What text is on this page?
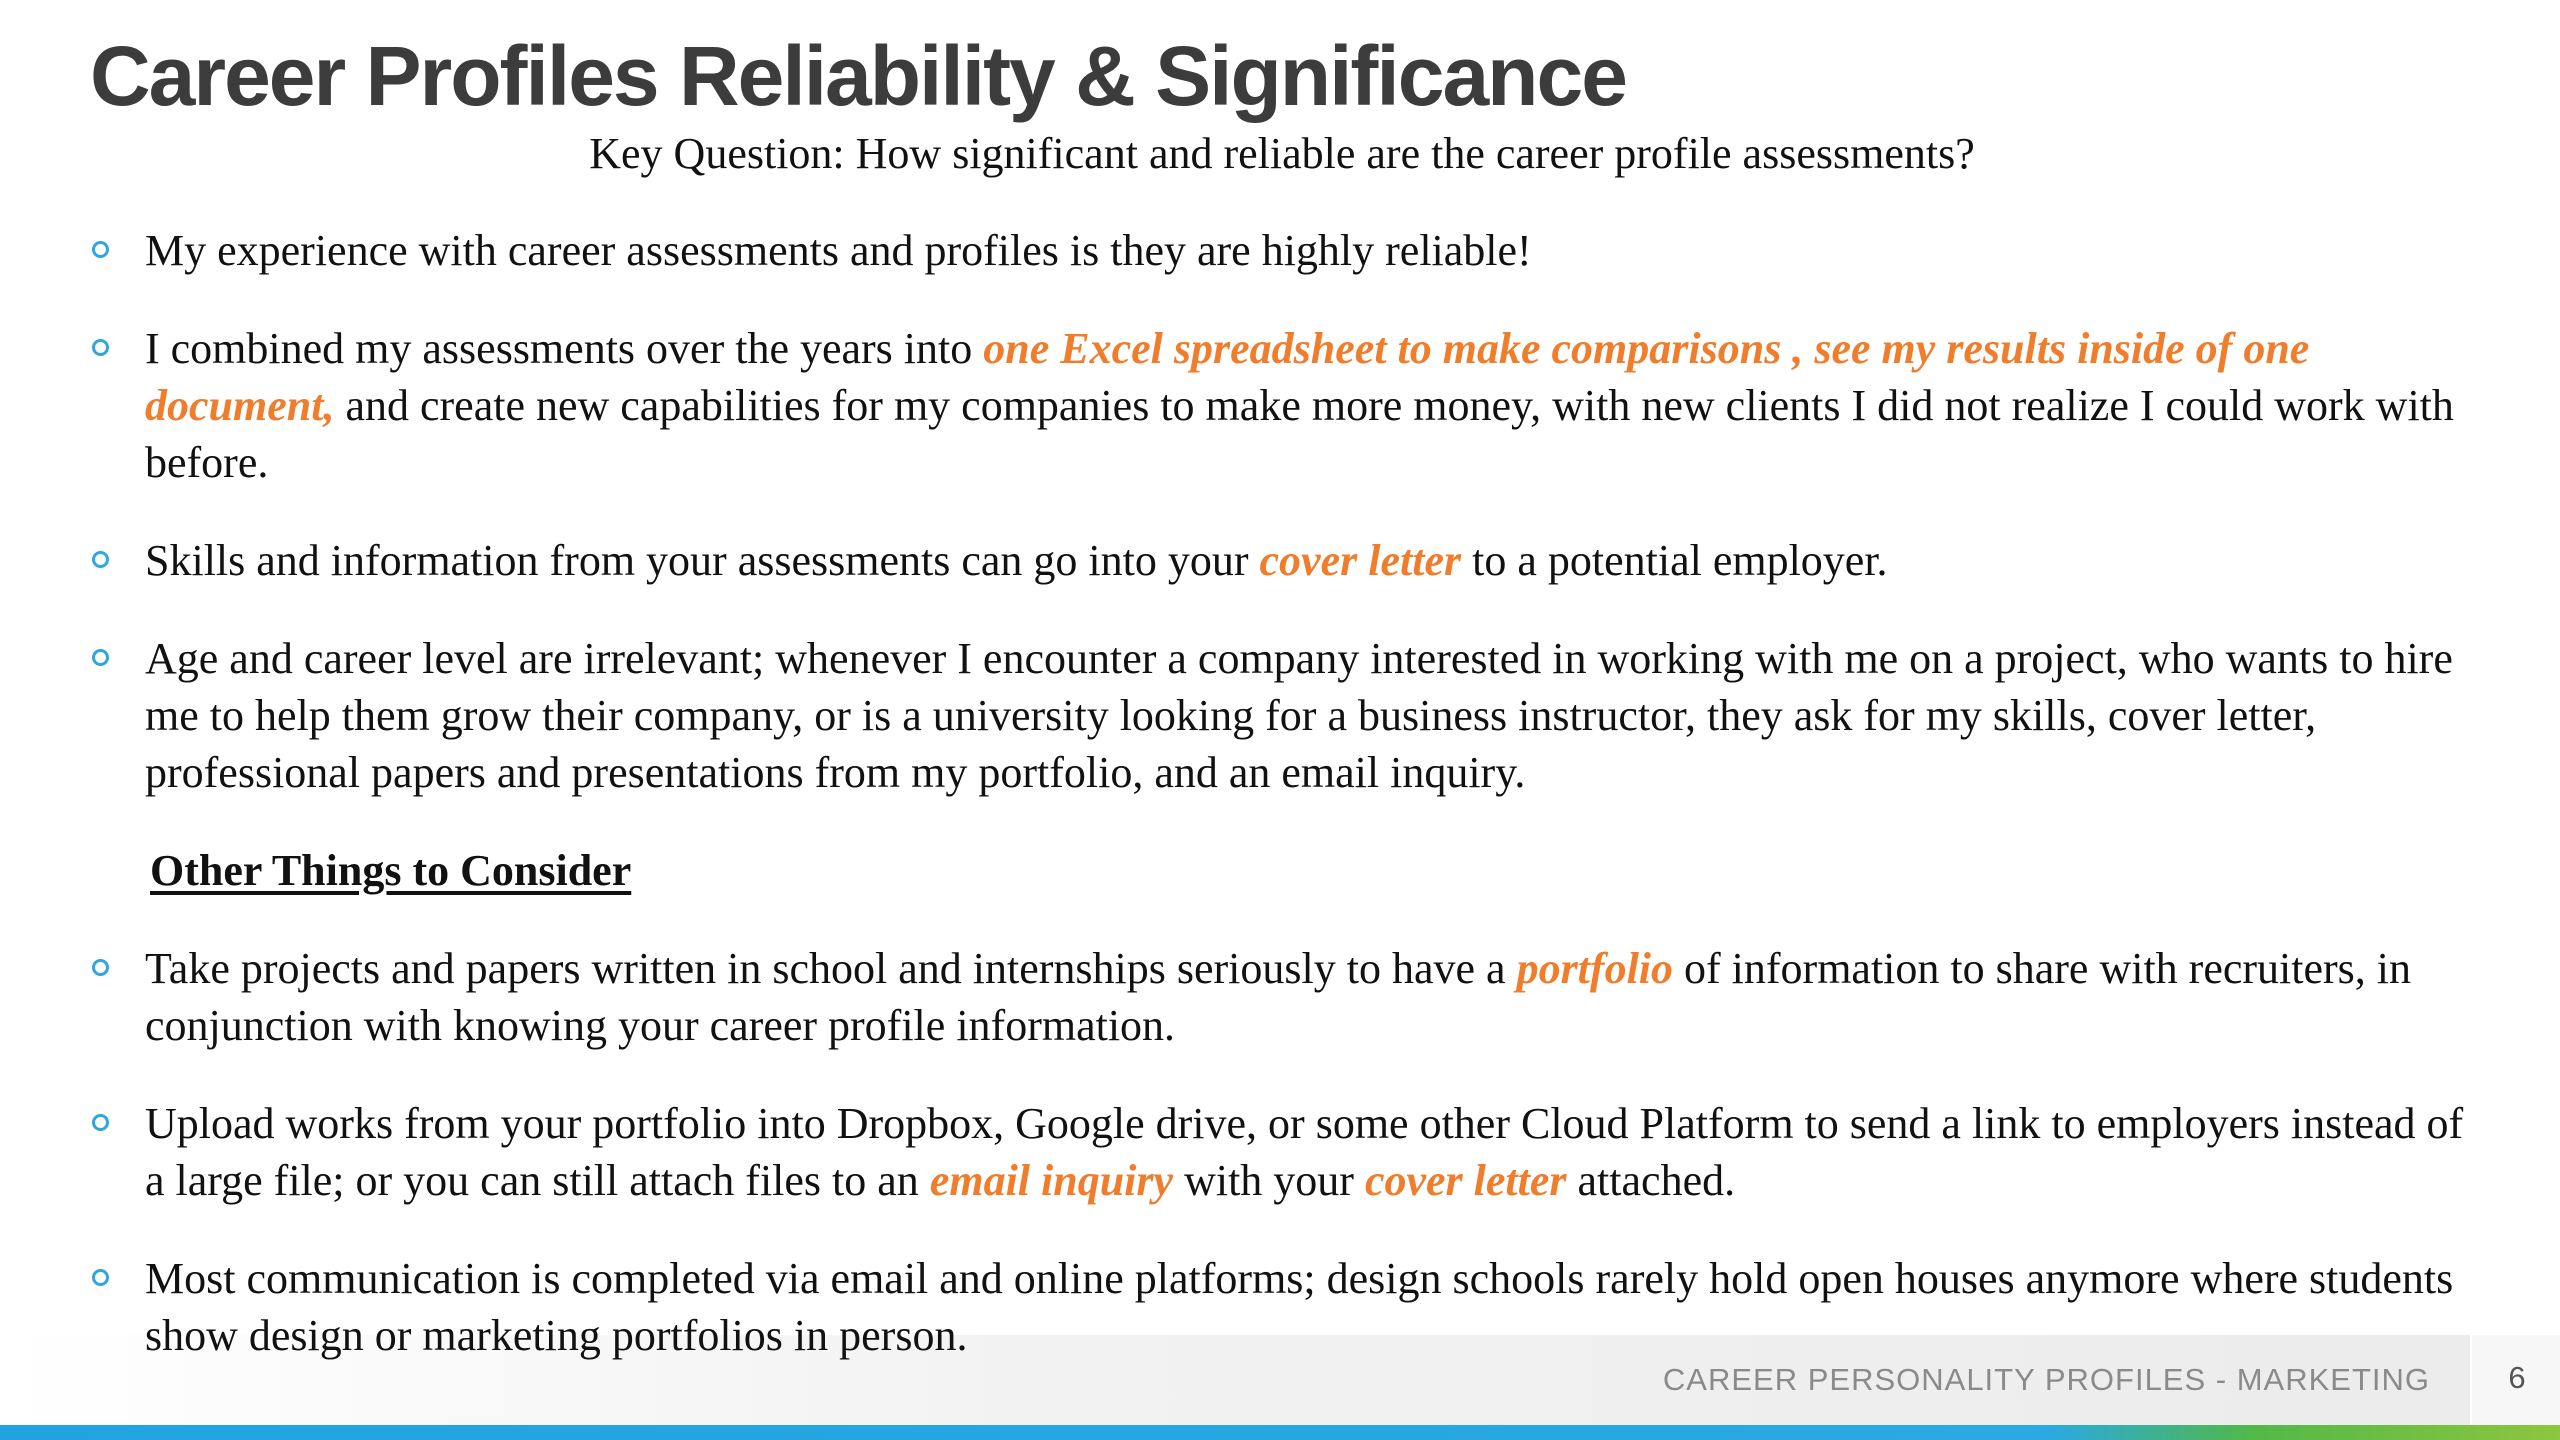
Career Profiles Reliability & Significance
Key Question: How significant and reliable are the career profile assessments?

My experience with career assessments and profiles is they are highly reliable!

I combined my assessments over the years into one Excel spreadsheet to make comparisons , see my results inside of one document, and create new capabilities for my companies to make more money, with new clients I did not realize I could work with before.

Skills and information from your assessments can go into your cover letter to a potential employer.

Age and career level are irrelevant; whenever I encounter a company interested in working with me on a project, who wants to hire me to help them grow their company, or is a university looking for a business instructor, they ask for my skills, cover letter, professional papers and presentations from my portfolio, and an email inquiry.

Other Things to Consider

Take projects and papers written in school and internships seriously to have a portfolio of information to share with recruiters, in conjunction with knowing your career profile information.

Upload works from your portfolio into Dropbox, Google drive, or some other Cloud Platform to send a link to employers instead of a large file; or you can still attach files to an email inquiry with your cover letter attached.

Most communication is completed via email and online platforms; design schools rarely hold open houses anymore where students show design or marketing portfolios in person.

CAREER PERSONALITY PROFILES - MARKETING	6
